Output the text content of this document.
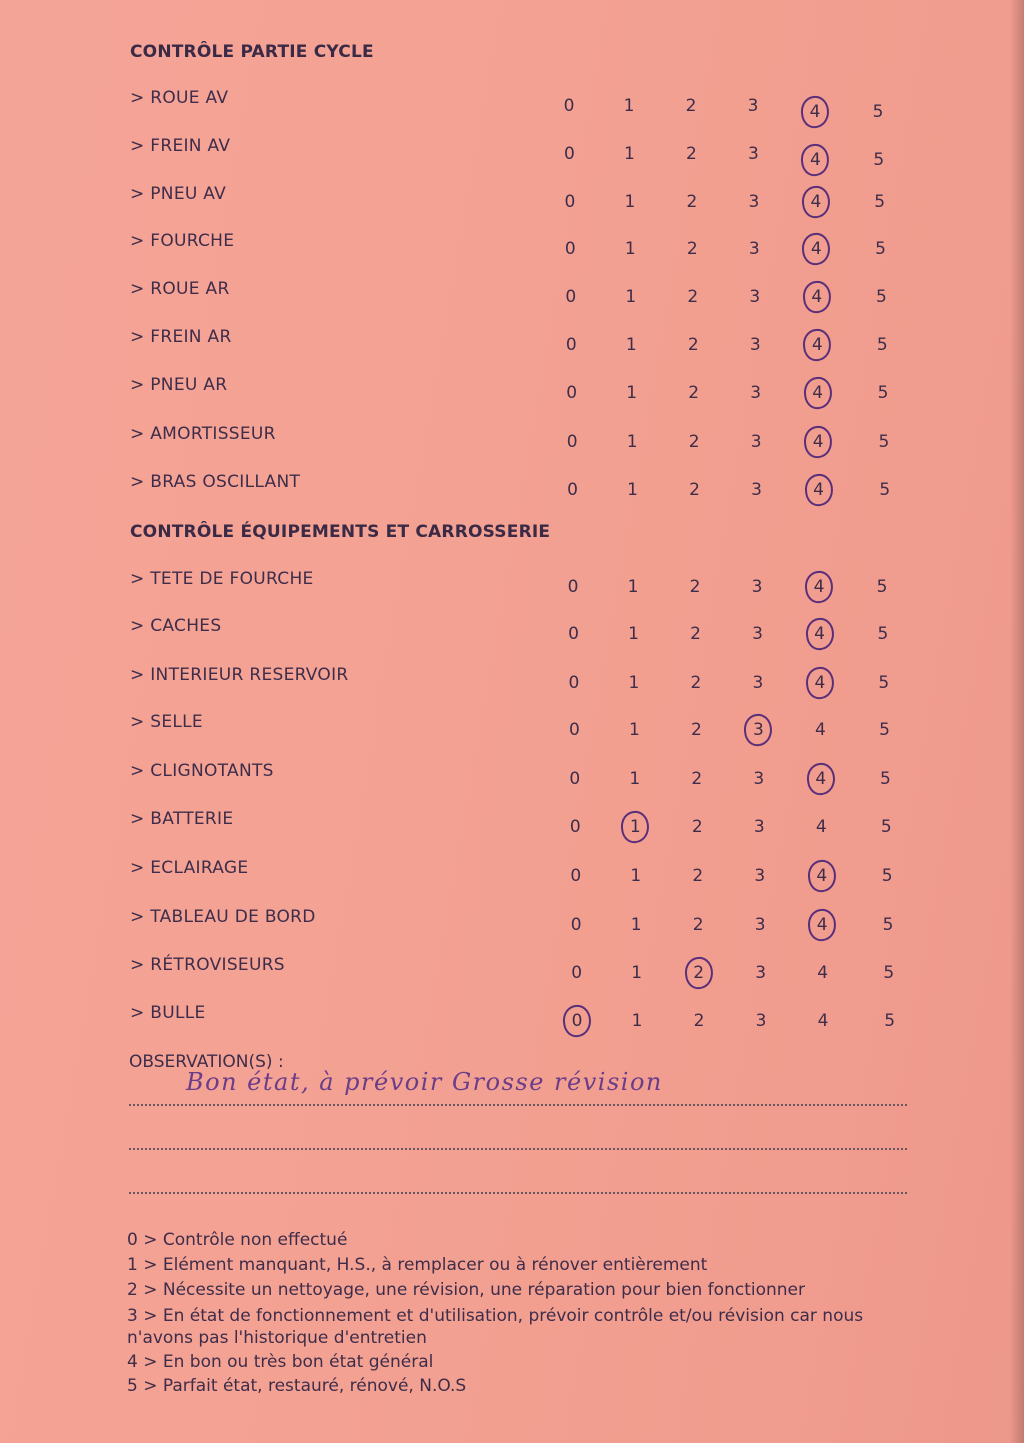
CONTRÔLE PARTIE CYCLE
> ROUE AV	0	1	2	3	4	5
> FREIN AV	0	1	2	3	4	5
> PNEU AV	0	1	2	3	4	5
> FOURCHE	0	1	2	3	4	5
> ROUE AR	0	1	2	3	4	5
> FREIN AR	0	1	2	3	4	5
> PNEU AR	0	1	2	3	4	5
> AMORTISSEUR	0	1	2	3	4	5
> BRAS OSCILLANT	0	1	2	3	4	5
CONTRÔLE ÉQUIPEMENTS ET CARROSSERIE
> TETE DE FOURCHE	0	1	2	3	4	5
> CACHES	0	1	2	3	4	5
> INTERIEUR RESERVOIR	0	1	2	3	4	5
> SELLE	0	1	2	3	4	5
> CLIGNOTANTS	0	1	2	3	4	5
> BATTERIE	0	1	2	3	4	5
> ECLAIRAGE	0	1	2	3	4	5
> TABLEAU DE BORD	0	1	2	3	4	5
> RÉTROVISEURS	0	1	2	3	4	5
> BULLE	0	1	2	3	4	5
OBSERVATION(S) :
Bon état, à prévoir Grosse révision
0 > Contrôle non effectué
1 > Elément manquant, H.S., à remplacer ou à rénover entièrement
2 > Nécessite un nettoyage, une révision, une réparation pour bien fonctionner
3 > En état de fonctionnement et d'utilisation, prévoir contrôle et/ou révision car nous
n'avons pas l'historique d'entretien
4 > En bon ou très bon état général
5 > Parfait état, restauré, rénové, N.O.S
